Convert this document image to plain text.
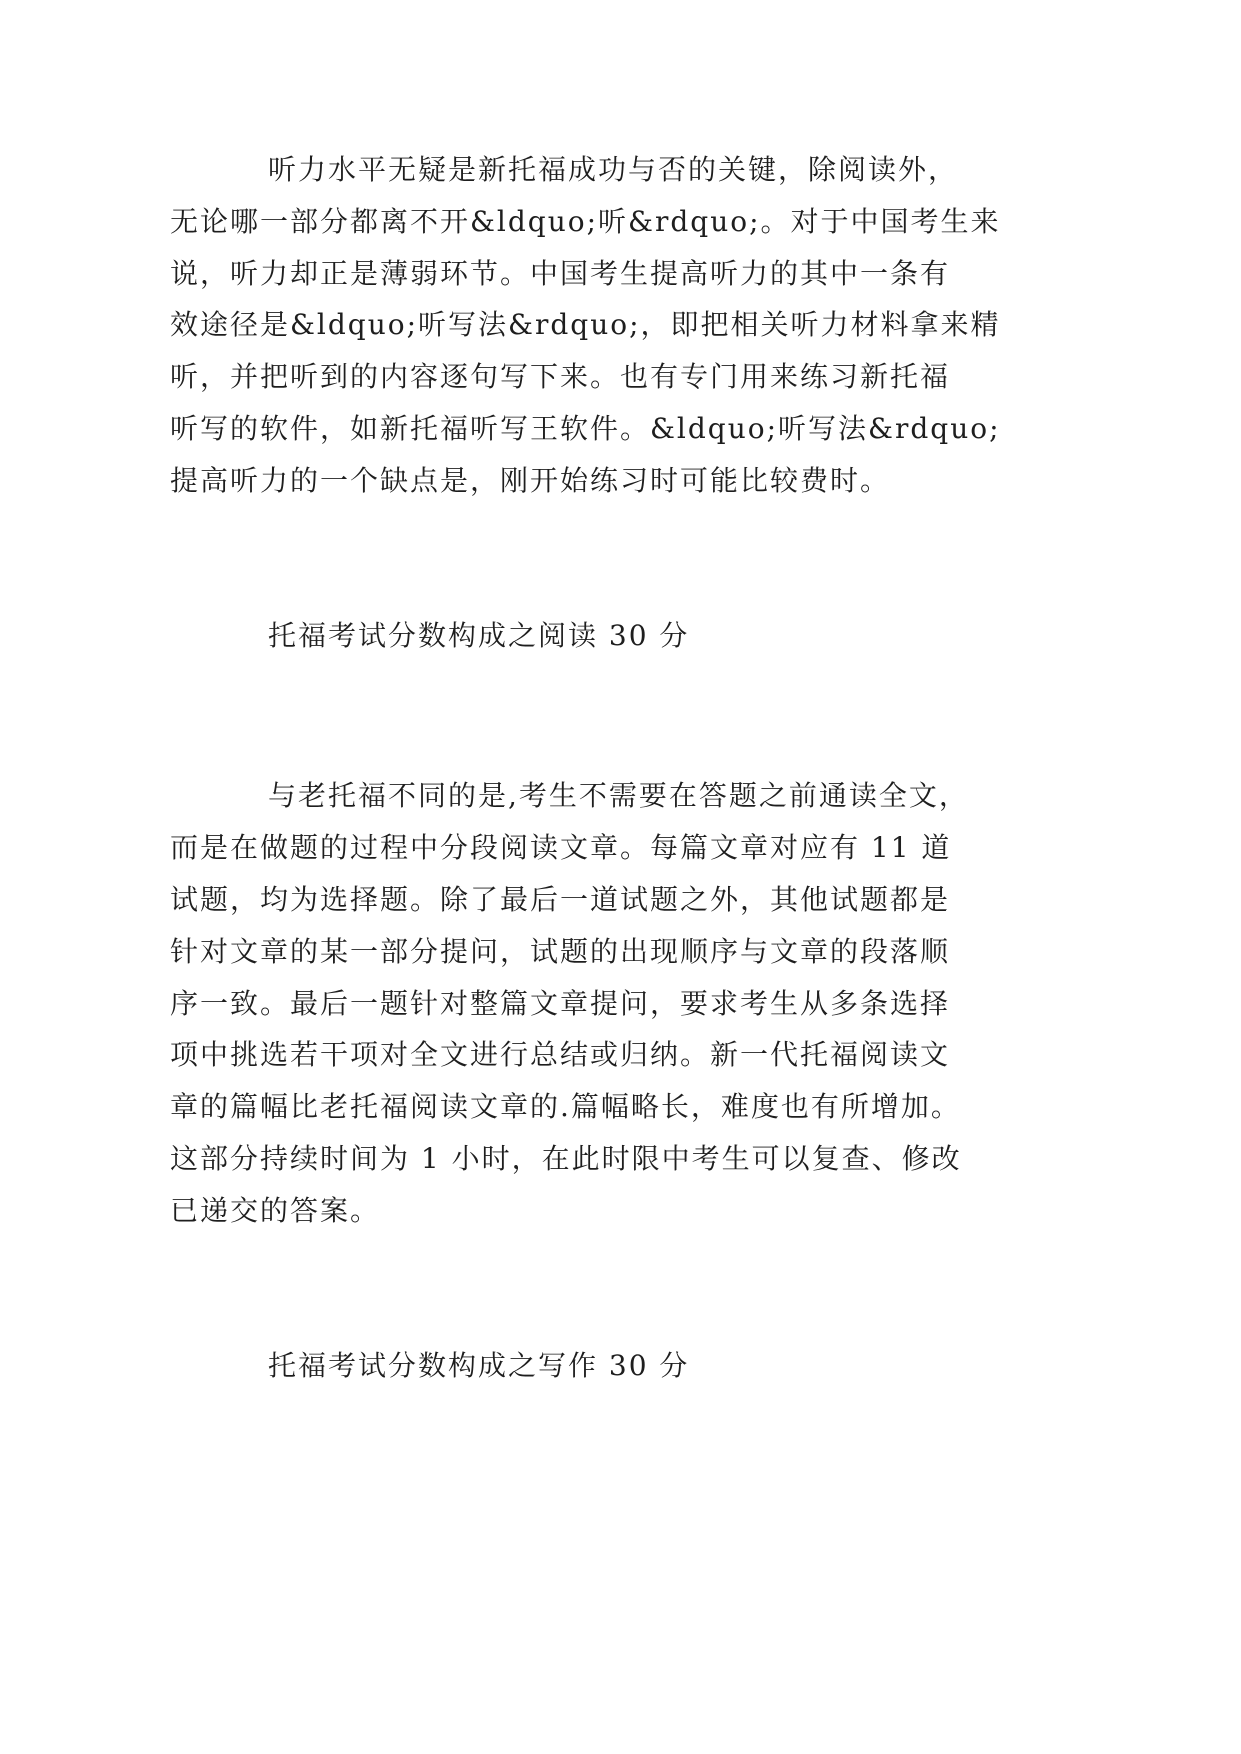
听力水平无疑是新托福成功与否的关键，除阅读外，
无论哪一部分都离不开&ldquo;听&rdquo;。对于中国考生来
说，听力却正是薄弱环节。中国考生提高听力的其中一条有
效途径是&ldquo;听写法&rdquo;，即把相关听力材料拿来精
听，并把听到的内容逐句写下来。也有专门用来练习新托福
听写的软件，如新托福听写王软件。&ldquo;听写法&rdquo;
提高听力的一个缺点是，刚开始练习时可能比较费时。
托福考试分数构成之阅读 30 分
与老托福不同的是,考生不需要在答题之前通读全文，
而是在做题的过程中分段阅读文章。每篇文章对应有 11 道
试题，均为选择题。除了最后一道试题之外，其他试题都是
针对文章的某一部分提问，试题的出现顺序与文章的段落顺
序一致。最后一题针对整篇文章提问，要求考生从多条选择
项中挑选若干项对全文进行总结或归纳。新一代托福阅读文
章的篇幅比老托福阅读文章的.篇幅略长，难度也有所增加。
这部分持续时间为 1 小时，在此时限中考生可以复查、修改
已递交的答案。
托福考试分数构成之写作 30 分
